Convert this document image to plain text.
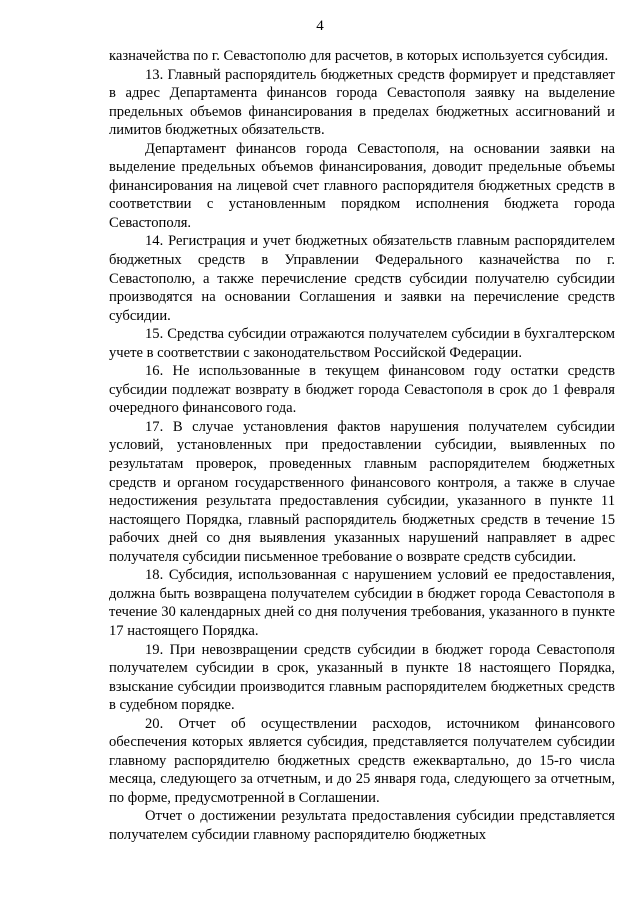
4

казначейства по г. Севастополю для расчетов, в которых используется субсидия.

13. Главный распорядитель бюджетных средств формирует и представляет в адрес Департамента финансов города Севастополя заявку на выделение предельных объемов финансирования в пределах бюджетных ассигнований и лимитов бюджетных обязательств.

Департамент финансов города Севастополя, на основании заявки на выделение предельных объемов финансирования, доводит предельные объемы финансирования на лицевой счет главного распорядителя бюджетных средств в соответствии с установленным порядком исполнения бюджета города Севастополя.

14. Регистрация и учет бюджетных обязательств главным распорядителем бюджетных средств в Управлении Федерального казначейства по г. Севастополю, а также перечисление средств субсидии получателю субсидии производятся на основании Соглашения и заявки на перечисление средств субсидии.

15. Средства субсидии отражаются получателем субсидии в бухгалтерском учете в соответствии с законодательством Российской Федерации.

16. Не использованные в текущем финансовом году остатки средств субсидии подлежат возврату в бюджет города Севастополя в срок до 1 февраля очередного финансового года.

17. В случае установления фактов нарушения получателем субсидии условий, установленных при предоставлении субсидии, выявленных по результатам проверок, проведенных главным распорядителем бюджетных средств и органом государственного финансового контроля, а также в случае недостижения результата предоставления субсидии, указанного в пункте 11 настоящего Порядка, главный распорядитель бюджетных средств в течение 15 рабочих дней со дня выявления указанных нарушений направляет в адрес получателя субсидии письменное требование о возврате средств субсидии.

18. Субсидия, использованная с нарушением условий ее предоставления, должна быть возвращена получателем субсидии в бюджет города Севастополя в течение 30 календарных дней со дня получения требования, указанного в пункте 17 настоящего Порядка.

19. При невозвращении средств субсидии в бюджет города Севастополя получателем субсидии в срок, указанный в пункте 18 настоящего Порядка, взыскание субсидии производится главным распорядителем бюджетных средств в судебном порядке.

20. Отчет об осуществлении расходов, источником финансового обеспечения которых является субсидия, представляется получателем субсидии главному распорядителю бюджетных средств ежеквартально, до 15-го числа месяца, следующего за отчетным, и до 25 января года, следующего за отчетным, по форме, предусмотренной в Соглашении.

Отчет о достижении результата предоставления субсидии представляется получателем субсидии главному распорядителю бюджетных
